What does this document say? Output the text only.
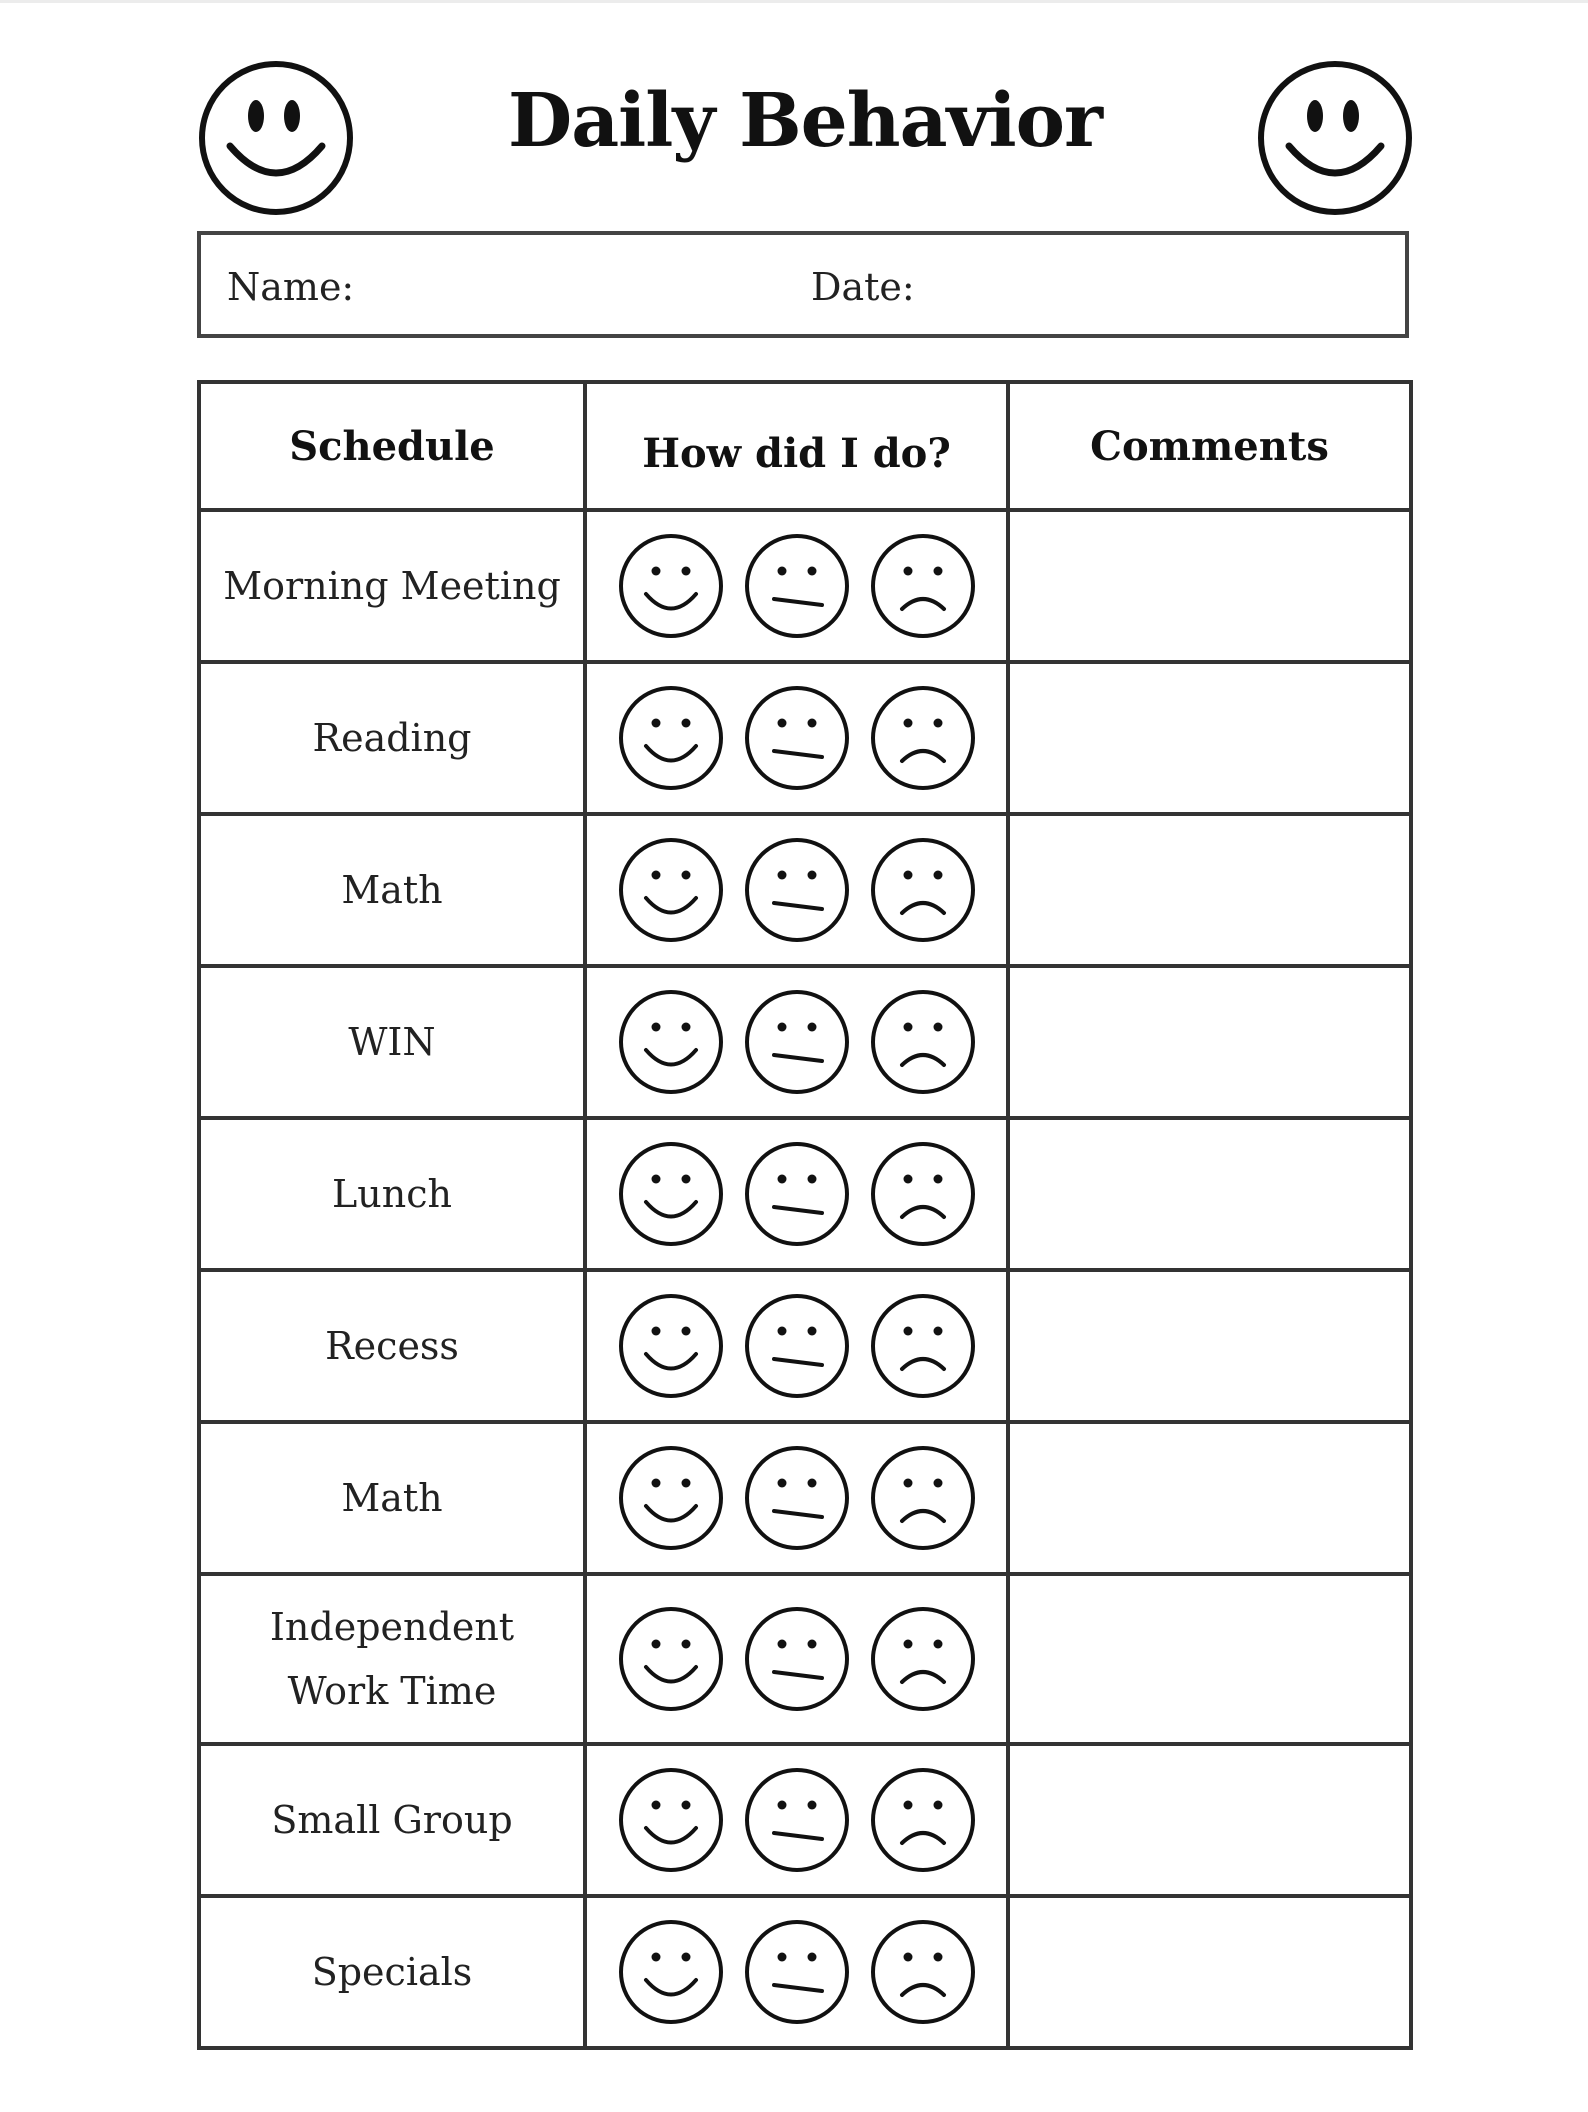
Daily Behavior
Name:	Date:
Schedule	How did I do?	Comments
Morning Meeting		
Reading		
Math		
WIN		
Lunch		
Recess		
Math		
Independent Work Time		
Small Group		
Specials		
